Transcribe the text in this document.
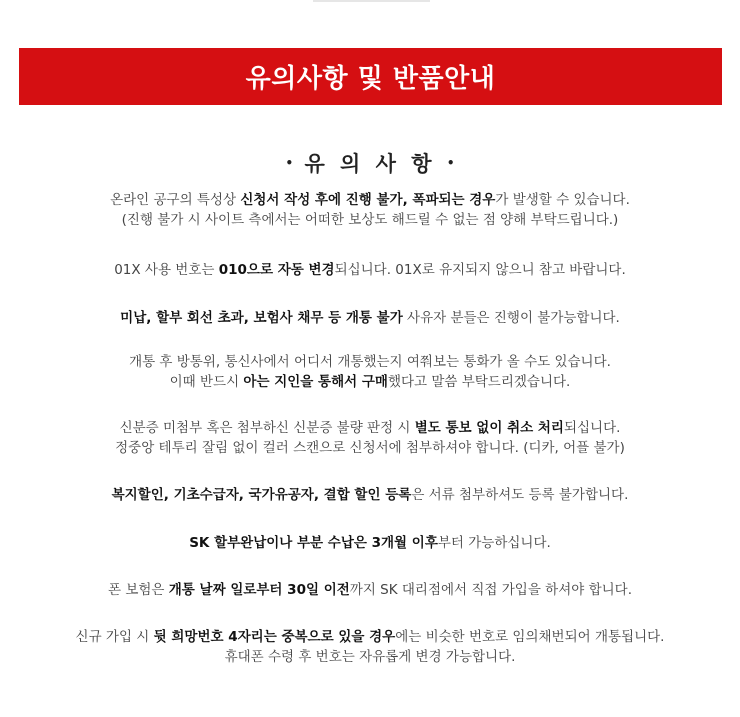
유의사항 및 반품안내
• 유 의 사 항 •
온라인 공구의 특성상 신청서 작성 후에 진행 불가, 폭파되는 경우가 발생할 수 있습니다.
(진행 불가 시 사이트 측에서는 어떠한 보상도 해드릴 수 없는 점 양해 부탁드립니다.)
01X 사용 번호는 010으로 자동 변경되십니다. 01X로 유지되지 않으니 참고 바랍니다.
미납, 할부 회선 초과, 보험사 채무 등 개통 불가 사유자 분들은 진행이 불가능합니다.
개통 후 방통위, 통신사에서 어디서 개통했는지 여쭤보는 통화가 올 수도 있습니다.
이때 반드시 아는 지인을 통해서 구매했다고 말씀 부탁드리겠습니다.
신분증 미첨부 혹은 첨부하신 신분증 불량 판정 시 별도 통보 없이 취소 처리되십니다.
정중앙 테투리 잘림 없이 컬러 스캔으로 신청서에 첨부하셔야 합니다. (디카, 어플 불가)
복지할인, 기초수급자, 국가유공자, 결합 할인 등록은 서류 첨부하셔도 등록 불가합니다.
SK 할부완납이나 부분 수납은 3개월 이후부터 가능하십니다.
폰 보험은 개통 날짜 일로부터 30일 이전까지 SK 대리점에서 직접 가입을 하셔야 합니다.
신규 가입 시 뒷 희망번호 4자리는 중복으로 있을 경우에는 비슷한 번호로 임의채번되어 개통됩니다.
휴대폰 수령 후 번호는 자유롭게 변경 가능합니다.
